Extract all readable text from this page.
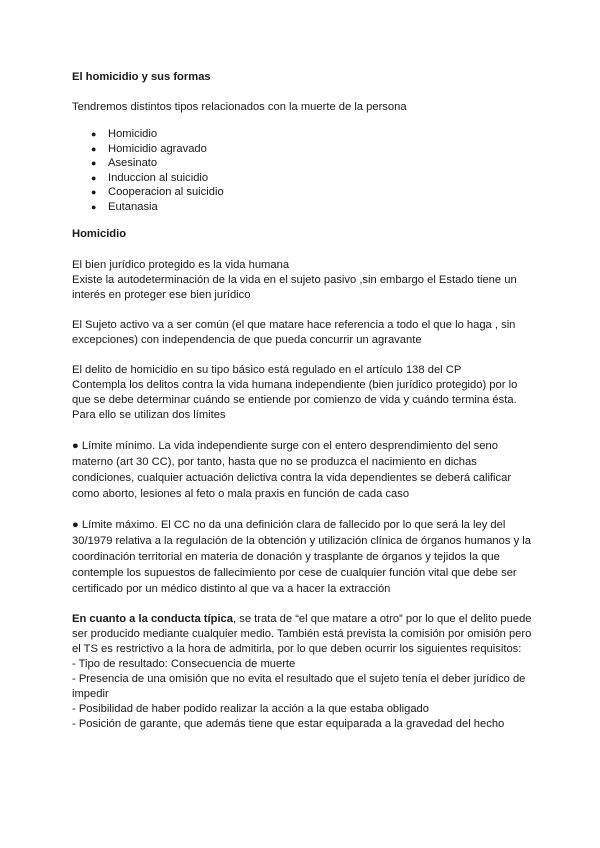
El homicidio y sus formas
Tendremos distintos tipos relacionados con la muerte de la persona
● Homicidio
● Homicidio agravado
● Asesinato
● Induccion al suicidio
● Cooperacion al suicidio
● Eutanasia
Homicidio
El bien jurídico protegido es la vida humana
Existe la autodeterminación de la vida en el sujeto pasivo ,sin embargo el Estado tiene un interés en proteger ese bien jurídico
El Sujeto activo va a ser común (el que matare hace referencia a todo el que lo haga , sin excepciones) con independencia de que pueda concurrir un agravante
El delito de homicidio en su tipo básico está regulado en el artículo 138 del CP
Contempla los delitos contra la vida humana independiente (bien jurídico protegido) por lo que se debe determinar cuándo se entiende por comienzo de vida y cuándo termina ésta. Para ello se utilizan dos límites
● Límite mínimo. La vida independiente surge con el entero desprendimiento del seno materno (art 30 CC), por tanto, hasta que no se produzca el nacimiento en dichas condiciones, cualquier actuación delictiva contra la vida dependientes se deberá calificar como aborto, lesiones al feto o mala praxis en función de cada caso
● Límite máximo. El CC no da una definición clara de fallecido por lo que será la ley del 30/1979 relativa a la regulación de la obtención y utilización clínica de órganos humanos y la coordinación territorial en materia de donación y trasplante de órganos y tejidos la que contemple los supuestos de fallecimiento por cese de cualquier función vital que debe ser certificado por un médico distinto al que va a hacer la extracción
En cuanto a la conducta típica, se trata de “el que matare a otro” por lo que el delito puede ser producido mediante cualquier medio. También está prevista la comisión por omisión pero el TS es restrictivo a la hora de admitirla, por lo que deben ocurrir los siguientes requisitos:
- Tipo de resultado: Consecuencia de muerte
- Presencia de una omisión que no evita el resultado que el sujeto tenía el deber jurídico de impedir
- Posibilidad de haber podido realizar la acción a la que estaba obligado
- Posición de garante, que además tiene que estar equiparada a la gravedad del hecho
